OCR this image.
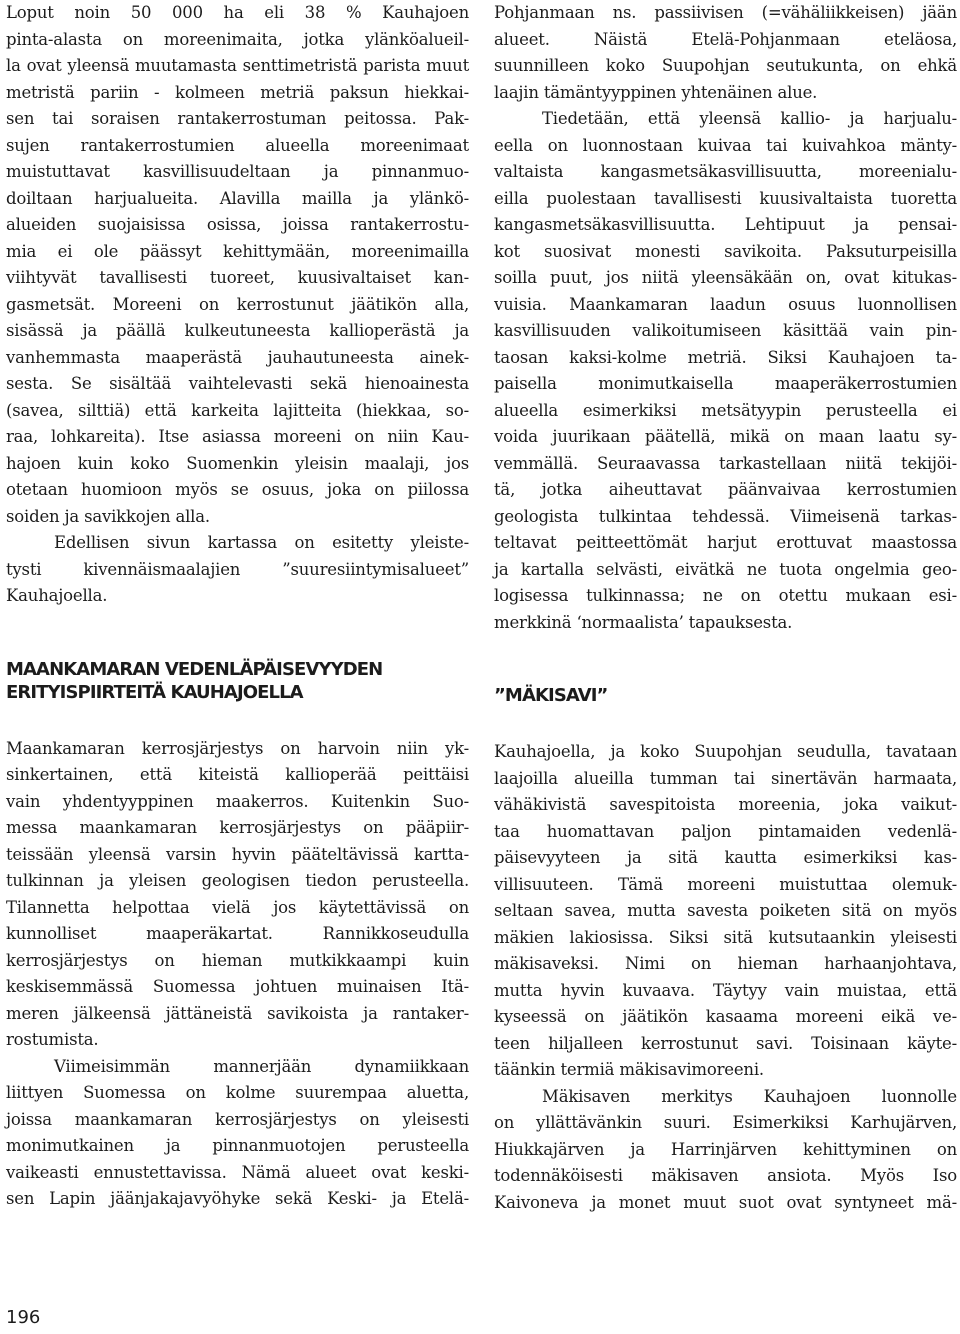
Loput noin 50 000 ha eli 38 % Kauhajoen
pinta-alasta on moreenimaita, jotka ylänköalueil-
la ovat yleensä muutamasta senttimetristä parista muut
metristä pariin - kolmeen metriä paksun hiekkai-
sen tai soraisen rantakerrostuman peitossa. Pak-
sujen rantakerrostumien alueella moreenimaat
muistuttavat kasvillisuudeltaan ja pinnanmuo-
doiltaan harjualueita. Alavilla mailla ja ylänkö-
alueiden suojaisissa osissa, joissa rantakerrostu-
mia ei ole päässyt kehittymään, moreenimailla
viihtyvät tavallisesti tuoreet, kuusivaltaiset kan-
gasmetsät. Moreeni on kerrostunut jäätikön alla,
sisässä ja päällä kulkeutuneesta kallioperästä ja
vanhemmasta maaperästä jauhautuneesta ainek-
sesta. Se sisältää vaihtelevasti sekä hienoainesta
(savea, silttiä) että karkeita lajitteita (hiekkaa, so-
raa, lohkareita). Itse asiassa moreeni on niin Kau-
hajoen kuin koko Suomenkin yleisin maalaji, jos
otetaan huomioon myös se osuus, joka on piilossa
soiden ja savikkojen alla.
Edellisen sivun kartassa on esitetty yleiste-
tysti kivennäismaalajien ”suuresiintymisalueet”
Kauhajoella.
MAANKAMARAN VEDENLÄPÄISEVYYDEN
ERITYISPIIRTEITÄ KAUHAJOELLA
Maankamaran kerrosjärjestys on harvoin niin yk-
sinkertainen, että kiteistä kallioperää peittäisi
vain yhdentyyppinen maakerros. Kuitenkin Suo-
messa maankamaran kerrosjärjestys on pääpiir-
teissään yleensä varsin hyvin pääteltävissä kartta-
tulkinnan ja yleisen geologisen tiedon perusteella.
Tilannetta helpottaa vielä jos käytettävissä on
kunnolliset maaperäkartat. Rannikkoseudulla
kerrosjärjestys on hieman mutkikkaampi kuin
keskisemmässä Suomessa johtuen muinaisen Itä-
meren jälkeensä jättäneistä savikoista ja rantaker-
rostumista.
Viimeisimmän mannerjään dynamiikkaan
liittyen Suomessa on kolme suurempaa aluetta,
joissa maankamaran kerrosjärjestys on yleisesti
monimutkainen ja pinnanmuotojen perusteella
vaikeasti ennustettavissa. Nämä alueet ovat keski-
sen Lapin jäänjakajavyöhyke sekä Keski- ja Etelä-
Pohjanmaan ns. passiivisen (=vähäliikkeisen) jään
alueet. Näistä Etelä-Pohjanmaan eteläosa,
suunnilleen koko Suupohjan seutukunta, on ehkä
laajin tämäntyyppinen yhtenäinen alue.
Tiedetään, että yleensä kallio- ja harjualu-
eella on luonnostaan kuivaa tai kuivahkoa mänty-
valtaista kangasmetsäkasvillisuutta, moreenialu-
eilla puolestaan tavallisesti kuusivaltaista tuoretta
kangasmetsäkasvillisuutta. Lehtipuut ja pensai-
kot suosivat monesti savikoita. Paksuturpeisilla
soilla puut, jos niitä yleensäkään on, ovat kitukas-
vuisia. Maankamaran laadun osuus luonnollisen
kasvillisuuden valikoitumiseen käsittää vain pin-
taosan kaksi-kolme metriä. Siksi Kauhajoen ta-
paisella monimutkaisella maaperäkerrostumien
alueella esimerkiksi metsätyypin perusteella ei
voida juurikaan päätellä, mikä on maan laatu sy-
vemmällä. Seuraavassa tarkastellaan niitä tekijöi-
tä, jotka aiheuttavat päänvaivaa kerrostumien
geologista tulkintaa tehdessä. Viimeisenä tarkas-
teltavat peitteettömät harjut erottuvat maastossa
ja kartalla selvästi, eivätkä ne tuota ongelmia geo-
logisessa tulkinnassa; ne on otettu mukaan esi-
merkkinä ‘normaalista’ tapauksesta.
”MÄKISAVI”
Kauhajoella, ja koko Suupohjan seudulla, tavataan
laajoilla alueilla tumman tai sinertävän harmaata,
vähäkivistä savespitoista moreenia, joka vaikut-
taa huomattavan paljon pintamaiden vedenlä-
päisevyyteen ja sitä kautta esimerkiksi kas-
villisuuteen. Tämä moreeni muistuttaa olemuk-
seltaan savea, mutta savesta poiketen sitä on myös
mäkien lakiosissa. Siksi sitä kutsutaankin yleisesti
mäkisaveksi. Nimi on hieman harhaanjohtava,
mutta hyvin kuvaava. Täytyy vain muistaa, että
kyseessä on jäätikön kasaama moreeni eikä ve-
teen hiljalleen kerrostunut savi. Toisinaan käyte-
täänkin termiä mäkisavimoreeni.
Mäkisaven merkitys Kauhajoen luonnolle
on yllättävänkin suuri. Esimerkiksi Karhujärven,
Hiukkajärven ja Harrinjärven kehittyminen on
todennäköisesti mäkisaven ansiota. Myös Iso
Kaivoneva ja monet muut suot ovat syntyneet mä-
196
